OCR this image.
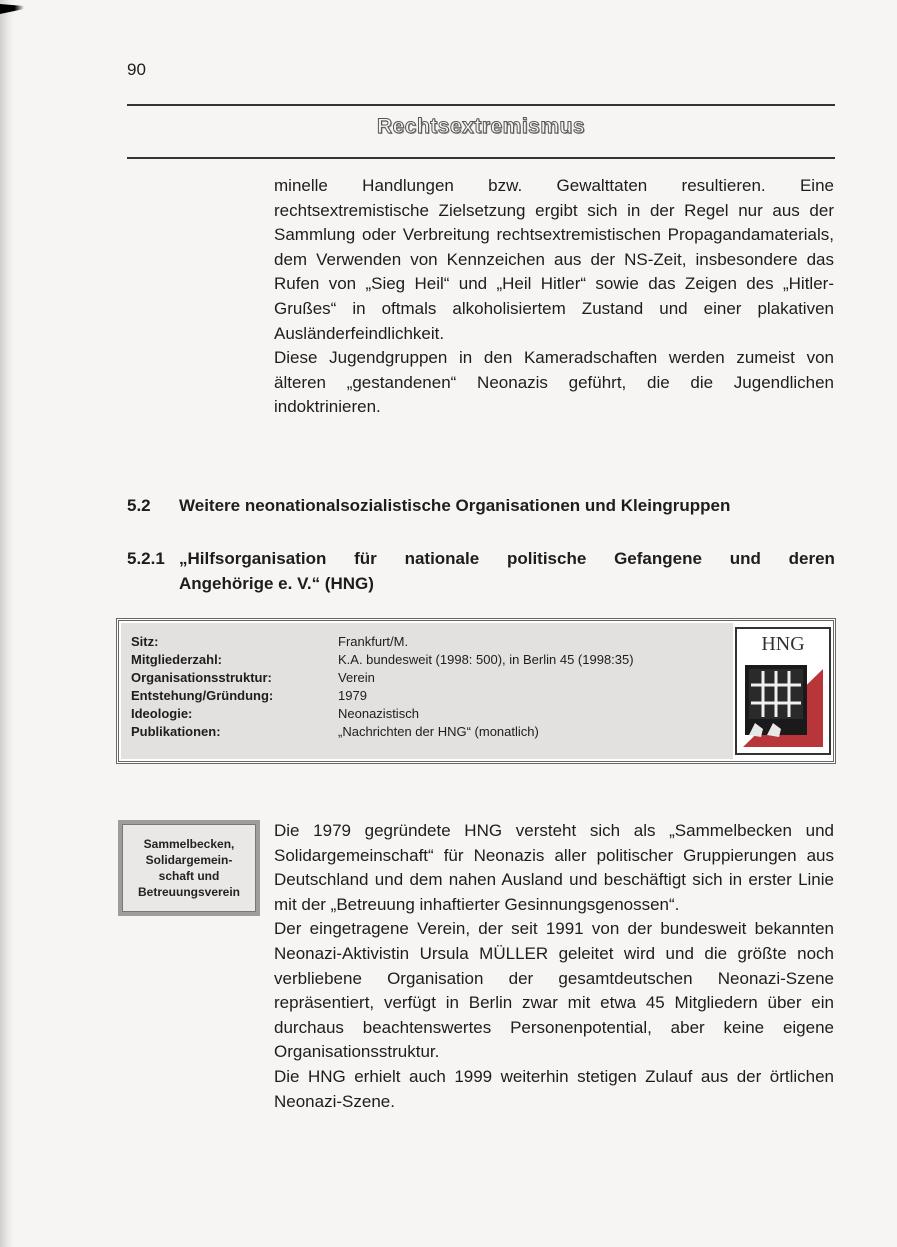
90
Rechtsextremismus

minelle Handlungen bzw. Gewalttaten resultieren. Eine rechtsextremistische Zielsetzung ergibt sich in der Regel nur aus der Sammlung oder Verbreitung rechtsextremistischen Propagandamaterials, dem Verwenden von Kennzeichen aus der NS-Zeit, insbesondere das Rufen von „Sieg Heil“ und „Heil Hitler“ sowie das Zeigen des „Hitler-Grußes“ in oftmals alkoholisiertem Zustand und einer plakativen Ausländerfeindlichkeit.

Diese Jugendgruppen in den Kameradschaften werden zumeist von älteren „gestandenen“ Neonazis geführt, die die Jugendlichen indoktrinieren.

5.2 Weitere neonationalsozialistische Organisationen und Kleingruppen
5.2.1 „Hilfsorganisation für nationale politische Gefangene und deren
Angehörige e. V.“ (HNG)
Sitz:	Frankfurt/M.
Mitgliederzahl:	K.A. bundesweit (1998: 500), in Berlin 45 (1998:35)
Organisationsstruktur:	Verein
Entstehung/Gründung:	1979
Ideologie:	Neonazistisch
Publikationen:	„Nachrichten der HNG“ (monatlich)
HNG
Sammelbecken,
Solidargemein-
schaft und
Betreuungsverein

Die 1979 gegründete HNG versteht sich als „Sammelbecken und Solidargemeinschaft“ für Neonazis aller politischer Gruppierungen aus Deutschland und dem nahen Ausland und beschäftigt sich in erster Linie mit der „Betreuung inhaftierter Gesinnungsgenossen“.

Der eingetragene Verein, der seit 1991 von der bundesweit bekannten Neonazi-Aktivistin Ursula MÜLLER geleitet wird und die größte noch verbliebene Organisation der gesamtdeutschen Neonazi-Szene repräsentiert, verfügt in Berlin zwar mit etwa 45 Mitgliedern über ein durchaus beachtenswertes Personenpotential, aber keine eigene Organisationsstruktur.

Die HNG erhielt auch 1999 weiterhin stetigen Zulauf aus der örtlichen Neonazi-Szene.
